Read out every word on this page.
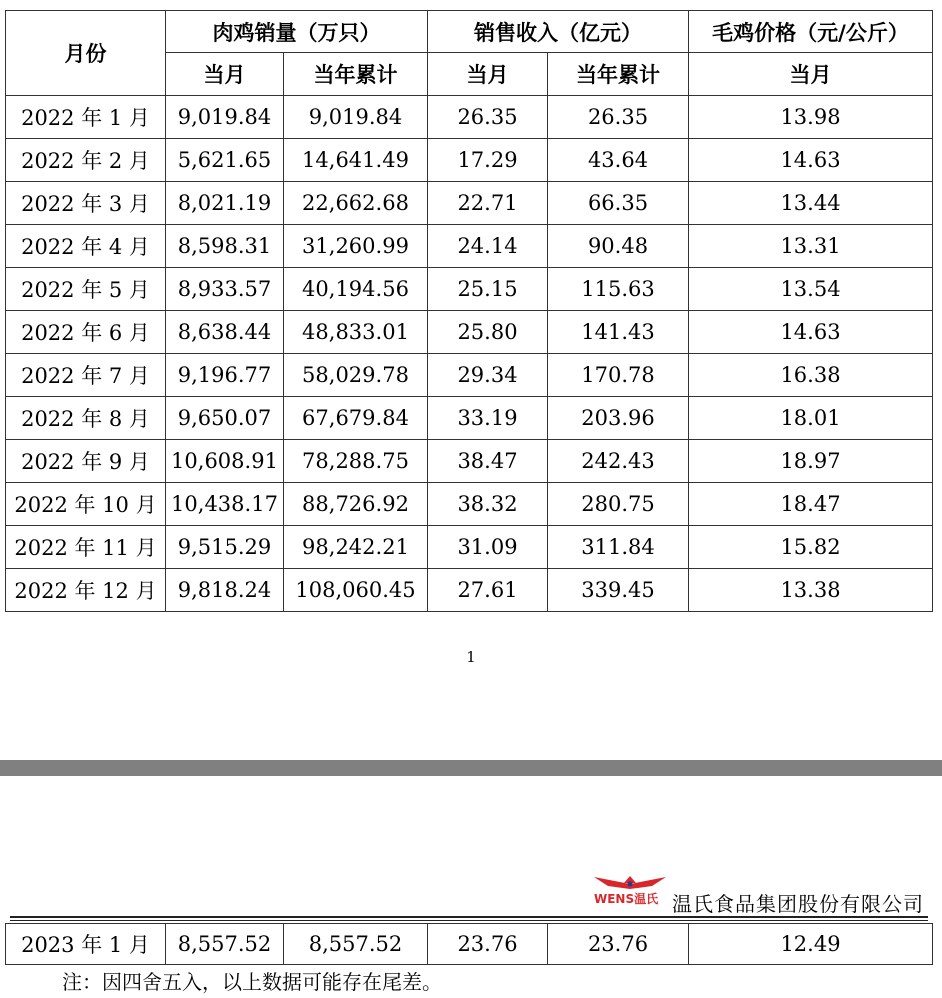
月份	肉鸡销量（万只）		销售收入（亿元）		毛鸡价格（元/公斤）
	当月	当年累计	当月	当年累计	当月
2022 年 1 月	9,019.84	9,019.84	26.35	26.35	13.98
2022 年 2 月	5,621.65	14,641.49	17.29	43.64	14.63
2022 年 3 月	8,021.19	22,662.68	22.71	66.35	13.44
2022 年 4 月	8,598.31	31,260.99	24.14	90.48	13.31
2022 年 5 月	8,933.57	40,194.56	25.15	115.63	13.54
2022 年 6 月	8,638.44	48,833.01	25.80	141.43	14.63
2022 年 7 月	9,196.77	58,029.78	29.34	170.78	16.38
2022 年 8 月	9,650.07	67,679.84	33.19	203.96	18.01
2022 年 9 月	10,608.91	78,288.75	38.47	242.43	18.97
2022 年 10 月	10,438.17	88,726.92	38.32	280.75	18.47
2022 年 11 月	9,515.29	98,242.21	31.09	311.84	15.82
2022 年 12 月	9,818.24	108,060.45	27.61	339.45	13.38
1
WENS温氏 温氏食品集团股份有限公司
2023 年 1 月	8,557.52	8,557.52	23.76	23.76	12.49
注：因四舍五入，以上数据可能存在尾差。
